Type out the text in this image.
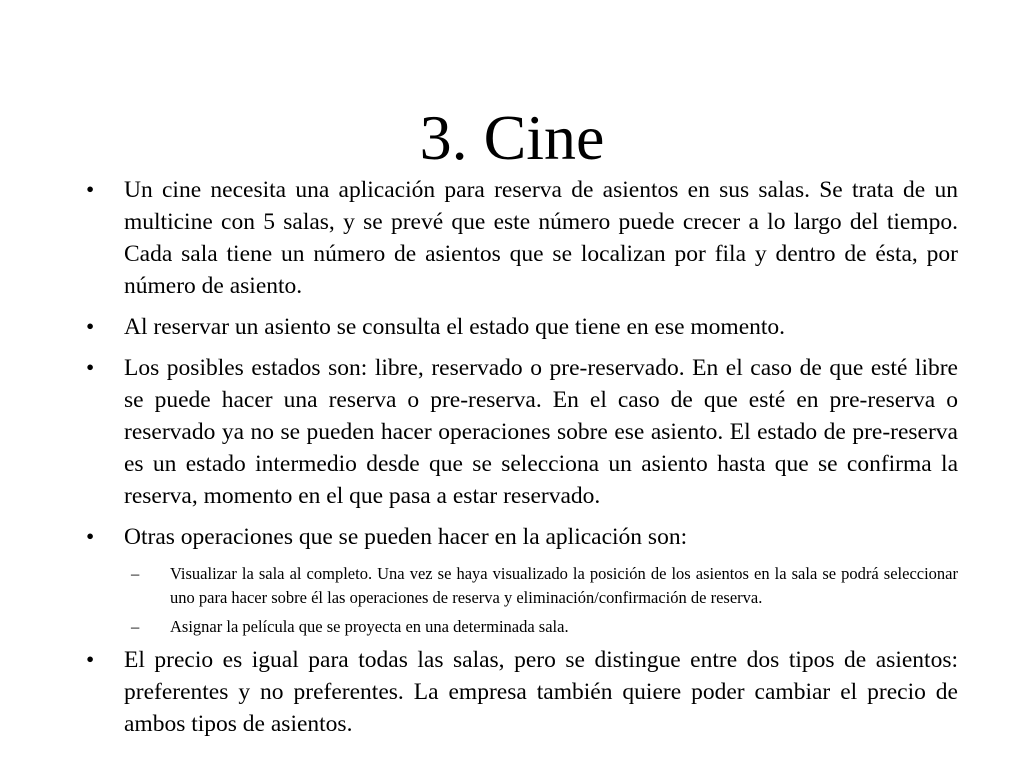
3. Cine
• Un cine necesita una aplicación para reserva de asientos en sus salas. Se trata de un multicine con 5 salas, y se prevé que este número puede crecer a lo largo del tiempo. Cada sala tiene un número de asientos que se localizan por fila y dentro de ésta, por número de asiento.
• Al reservar un asiento se consulta el estado que tiene en ese momento.
• Los posibles estados son: libre, reservado o pre-reservado. En el caso de que esté libre se puede hacer una reserva o pre-reserva. En el caso de que esté en pre-reserva o reservado ya no se pueden hacer operaciones sobre ese asiento. El estado de pre-reserva es un estado intermedio desde que se selecciona un asiento hasta que se confirma la reserva, momento en el que pasa a estar reservado.
• Otras operaciones que se pueden hacer en la aplicación son:
– Visualizar la sala al completo. Una vez se haya visualizado la posición de los asientos en la sala se podrá seleccionar uno para hacer sobre él las operaciones de reserva y eliminación/confirmación de reserva.
– Asignar la película que se proyecta en una determinada sala.
• El precio es igual para todas las salas, pero se distingue entre dos tipos de asientos: preferentes y no preferentes. La empresa también quiere poder cambiar el precio de ambos tipos de asientos.
